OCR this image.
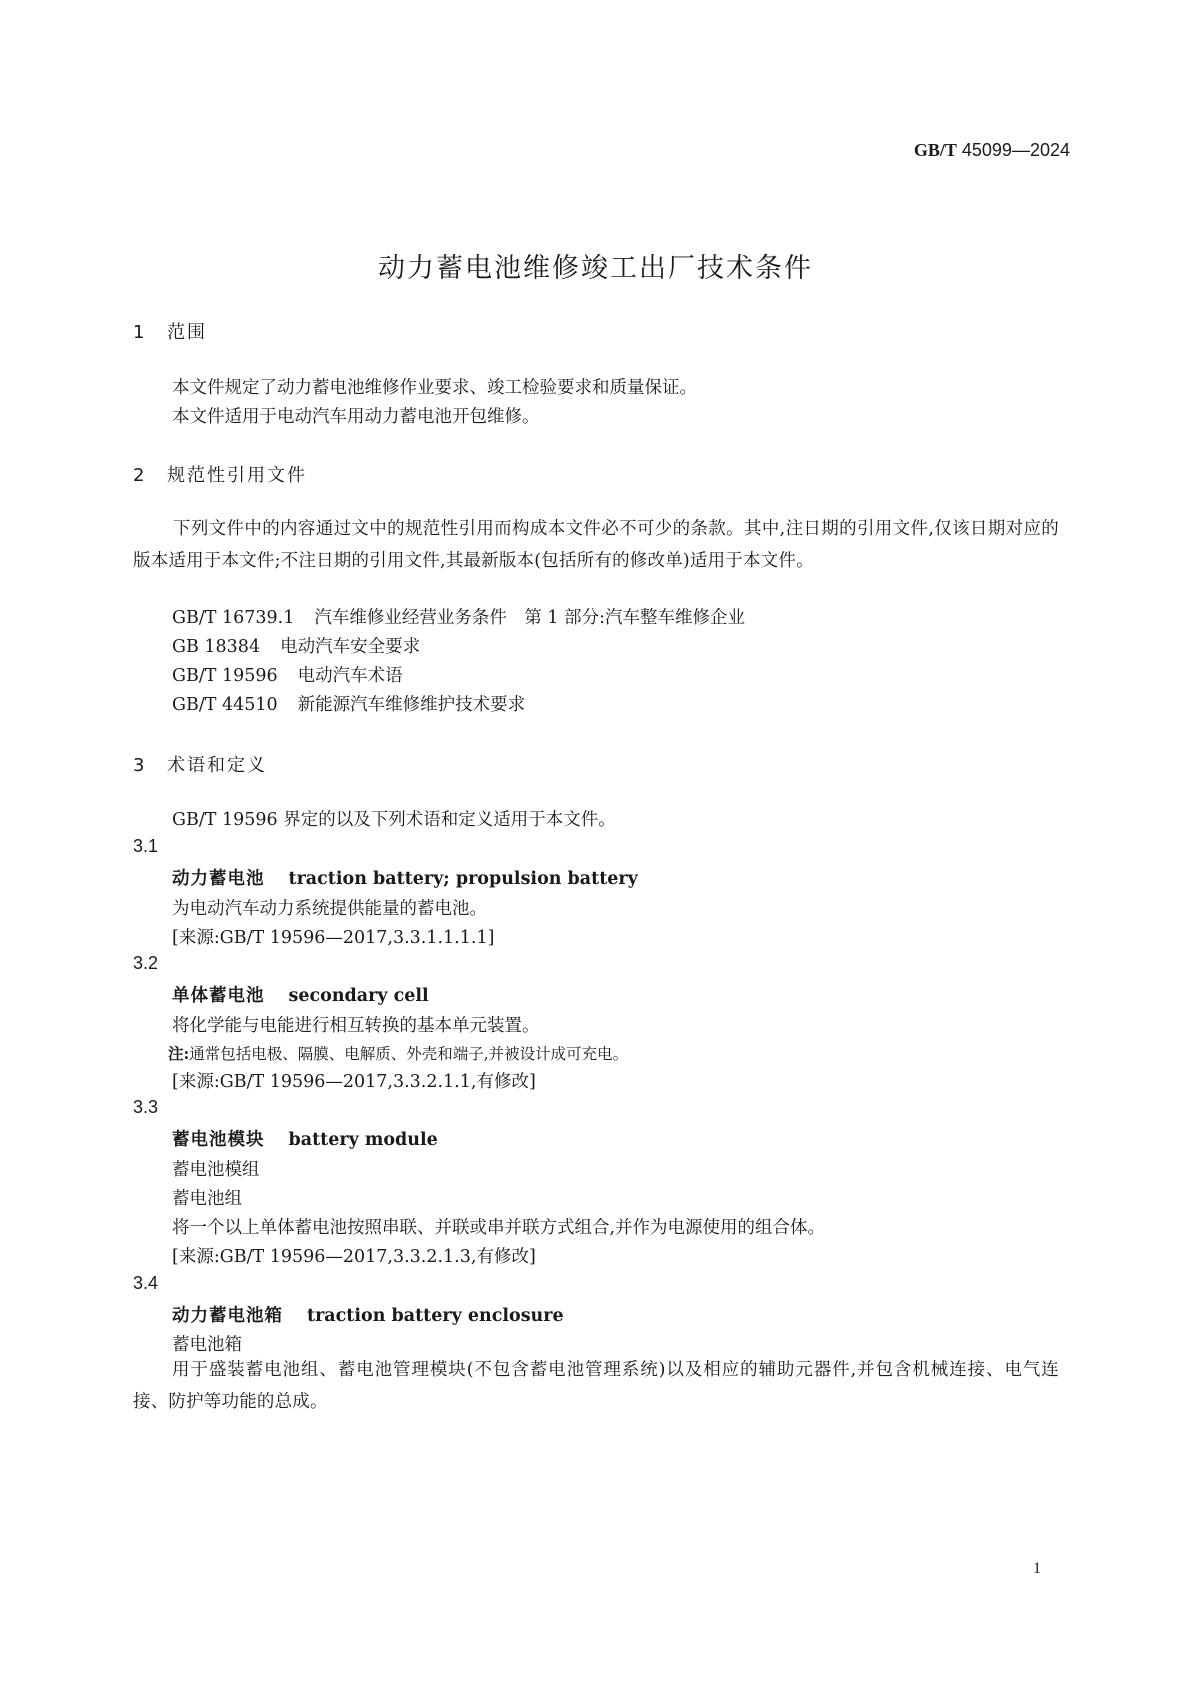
GB/T 45099—2024
动力蓄电池维修竣工出厂技术条件
1 范围
本文件规定了动力蓄电池维修作业要求、竣工检验要求和质量保证。
本文件适用于电动汽车用动力蓄电池开包维修。
2 规范性引用文件
下列文件中的内容通过文中的规范性引用而构成本文件必不可少的条款。其中,注日期的引用文件,仅该日期对应的版本适用于本文件;不注日期的引用文件,其最新版本(包括所有的修改单)适用于本文件。
GB/T 16739.1 汽车维修业经营业务条件　第 1 部分:汽车整车维修企业
GB 18384 电动汽车安全要求
GB/T 19596 电动汽车术语
GB/T 44510 新能源汽车维修维护技术要求
3 术语和定义
GB/T 19596 界定的以及下列术语和定义适用于本文件。
3.1
动力蓄电池 traction battery; propulsion battery
为电动汽车动力系统提供能量的蓄电池。
[来源:GB/T 19596—2017,3.3.1.1.1.1]
3.2
单体蓄电池 secondary cell
将化学能与电能进行相互转换的基本单元装置。
注:通常包括电极、隔膜、电解质、外壳和端子,并被设计成可充电。
[来源:GB/T 19596—2017,3.3.2.1.1,有修改]
3.3
蓄电池模块 battery module
蓄电池模组
蓄电池组
将一个以上单体蓄电池按照串联、并联或串并联方式组合,并作为电源使用的组合体。
[来源:GB/T 19596—2017,3.3.2.1.3,有修改]
3.4
动力蓄电池箱 traction battery enclosure
蓄电池箱
用于盛装蓄电池组、蓄电池管理模块(不包含蓄电池管理系统)以及相应的辅助元器件,并包含机械连接、电气连接、防护等功能的总成。
1
